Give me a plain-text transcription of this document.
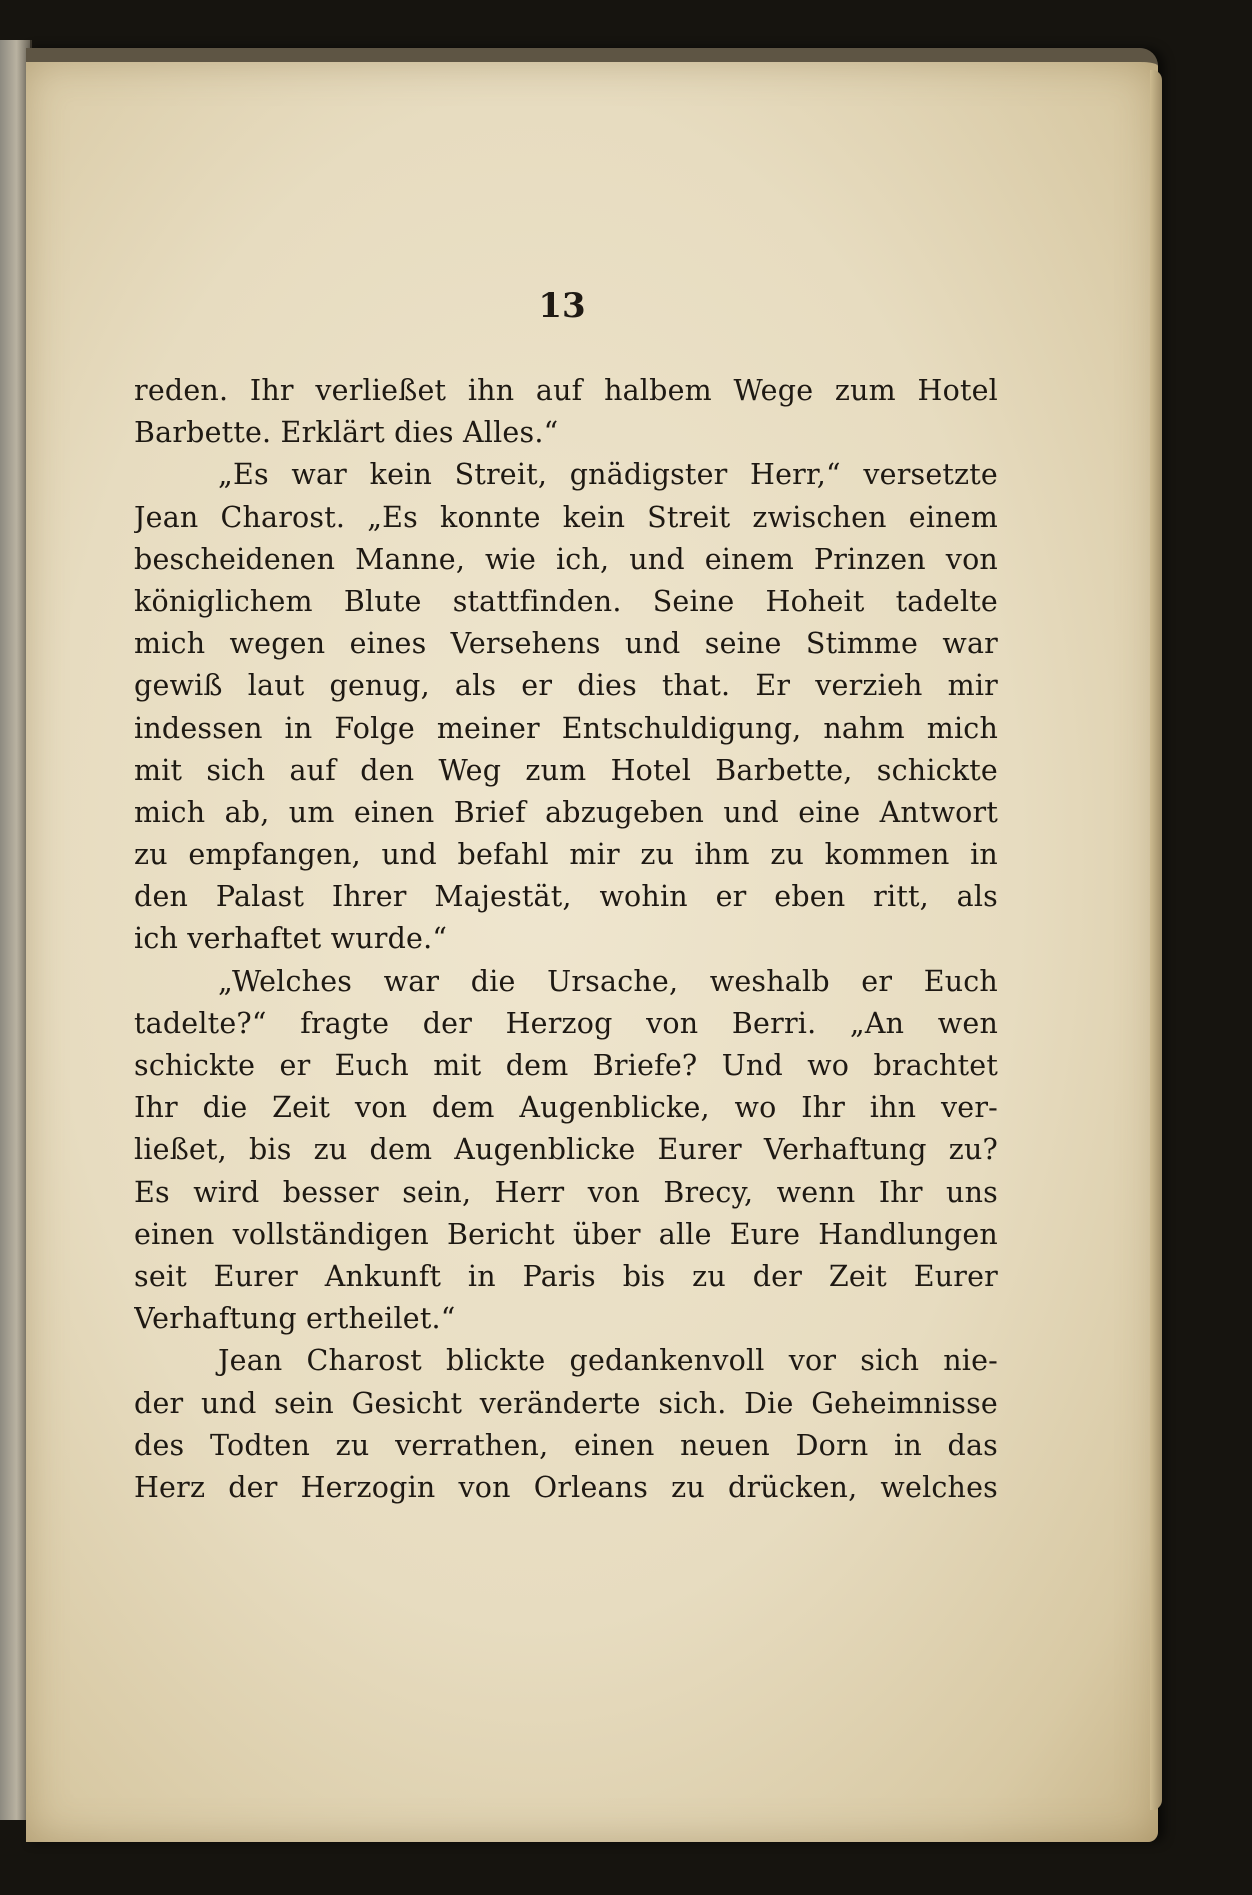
13
reden. Ihr verließet ihn auf halbem Wege zum Hotel
Barbette. Erklärt dies Alles.“
„Es war kein Streit, gnädigster Herr,“ versetzte
Jean Charost. „Es konnte kein Streit zwischen einem
bescheidenen Manne, wie ich, und einem Prinzen von
königlichem Blute stattfinden. Seine Hoheit tadelte
mich wegen eines Versehens und seine Stimme war
gewiß laut genug, als er dies that. Er verzieh mir
indessen in Folge meiner Entschuldigung, nahm mich
mit sich auf den Weg zum Hotel Barbette, schickte
mich ab, um einen Brief abzugeben und eine Antwort
zu empfangen, und befahl mir zu ihm zu kommen in
den Palast Ihrer Majestät, wohin er eben ritt, als
ich verhaftet wurde.“
„Welches war die Ursache, weshalb er Euch
tadelte?“ fragte der Herzog von Berri. „An wen
schickte er Euch mit dem Briefe? Und wo brachtet
Ihr die Zeit von dem Augenblicke, wo Ihr ihn ver-
ließet, bis zu dem Augenblicke Eurer Verhaftung zu?
Es wird besser sein, Herr von Brecy, wenn Ihr uns
einen vollständigen Bericht über alle Eure Handlungen
seit Eurer Ankunft in Paris bis zu der Zeit Eurer
Verhaftung ertheilet.“
Jean Charost blickte gedankenvoll vor sich nie-
der und sein Gesicht veränderte sich. Die Geheimnisse
des Todten zu verrathen, einen neuen Dorn in das
Herz der Herzogin von Orleans zu drücken, welches
